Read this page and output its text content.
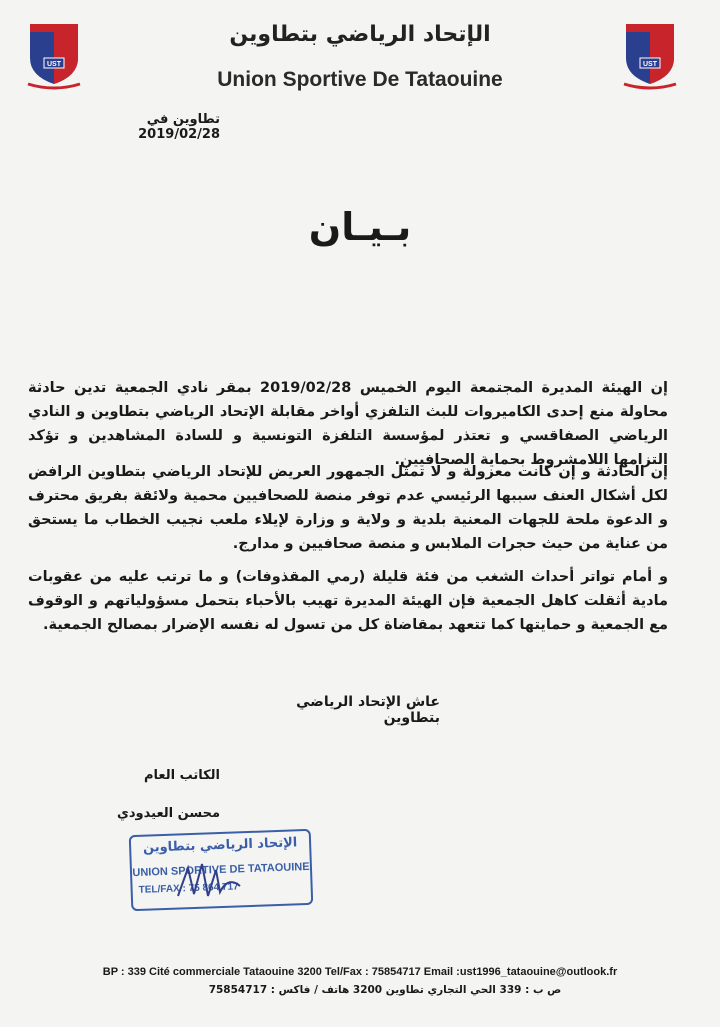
UST	UST
الإتحاد الرياضي بتطاوين
Union Sportive De Tataouine
تطاوين في 2019/02/28
بـيـان
إن الهيئة المديرة المجتمعة اليوم الخميس 2019/02/28 بمقر نادي الجمعية تدين حادثة محاولة منع إحدى الكاميروات للبث التلفزي أواخر مقابلة الإتحاد الرياضي بتطاوين و النادي الرياضي الصفاقسي و تعتذر لمؤسسة التلفزة التونسية و للسادة المشاهدين و تؤكد التزامها اللامشروط بحماية الصحافيين.
إن الحادثة و إن كانت معزولة و لا تمثل الجمهور العريض للإتحاد الرياضي بتطاوين الرافض لكل أشكال العنف سببها الرئيسي عدم توفر منصة للصحافيين محمية ولائقة بفريق محترف و الدعوة ملحة للجهات المعنية بلدية و ولاية و وزارة لإيلاء ملعب نجيب الخطاب ما يستحق من عناية من حيث حجرات الملابس و منصة صحافيين و مدارج.
و أمام تواتر أحداث الشغب من فئة قليلة (رمي المقذوفات) و ما ترتب عليه من عقوبات مادية أثقلت كاهل الجمعية فإن الهيئة المديرة تهيب بالأحباء بتحمل مسؤولياتهم و الوقوف مع الجمعية و حمايتها كما تتعهد بمقاضاة كل من تسول له نفسه الإضرار بمصالح الجمعية.
عاش الإتحاد الرياضي بتطاوين
الكاتب العام
محسن العيدودي
الإتحاد الرياضي بتطاوين
UNION SPORTIVE DE TATAOUINE
TEL/FAX : 75 864 717
BP : 339 Cité commerciale Tataouine 3200 Tel/Fax : 75854717 Email :ust1996_tataouine@outlook.fr
ص ب : 339 الحي التجاري تطاوين 3200 هاتف / فاكس : 75854717
